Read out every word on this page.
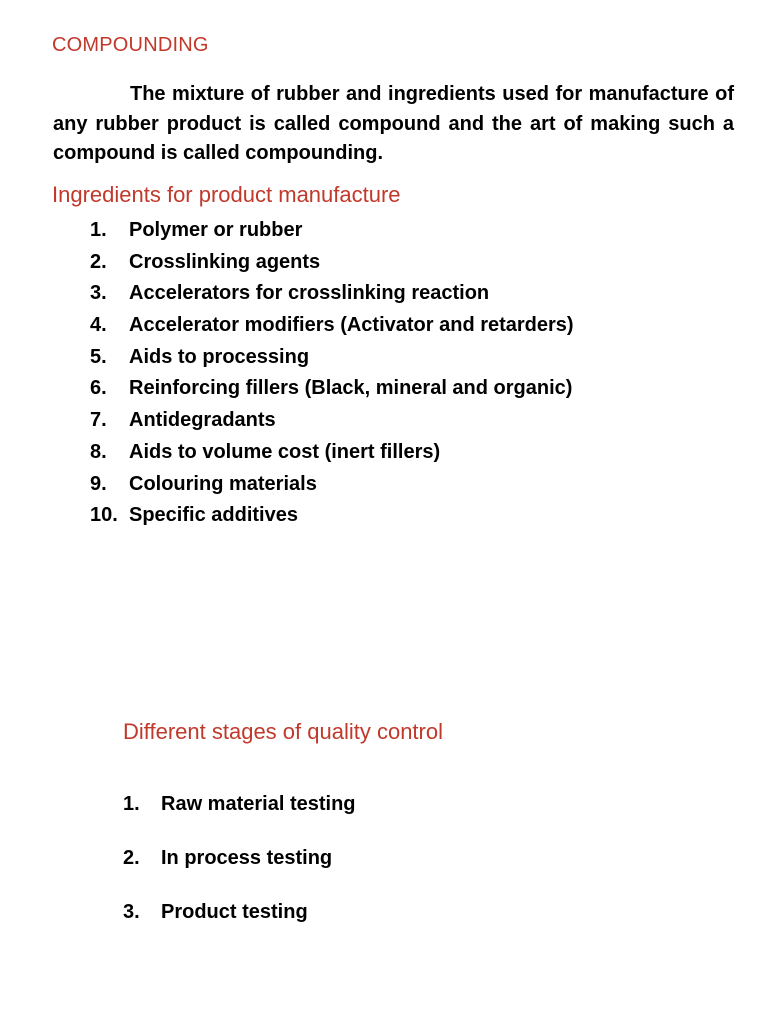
COMPOUNDING

The mixture of rubber and ingredients used for manufacture of any rubber product is called compound and the art of making such a compound is called compounding.

Ingredients for product manufacture
1. Polymer or rubber
2. Crosslinking agents
3. Accelerators for crosslinking reaction
4. Accelerator modifiers (Activator and retarders)
5. Aids to processing
6. Reinforcing fillers (Black, mineral and organic)
7. Antidegradants
8. Aids to volume cost (inert fillers)
9. Colouring materials
10. Specific additives
Different stages of quality control
1. Raw material testing
2. In process testing
3. Product testing
